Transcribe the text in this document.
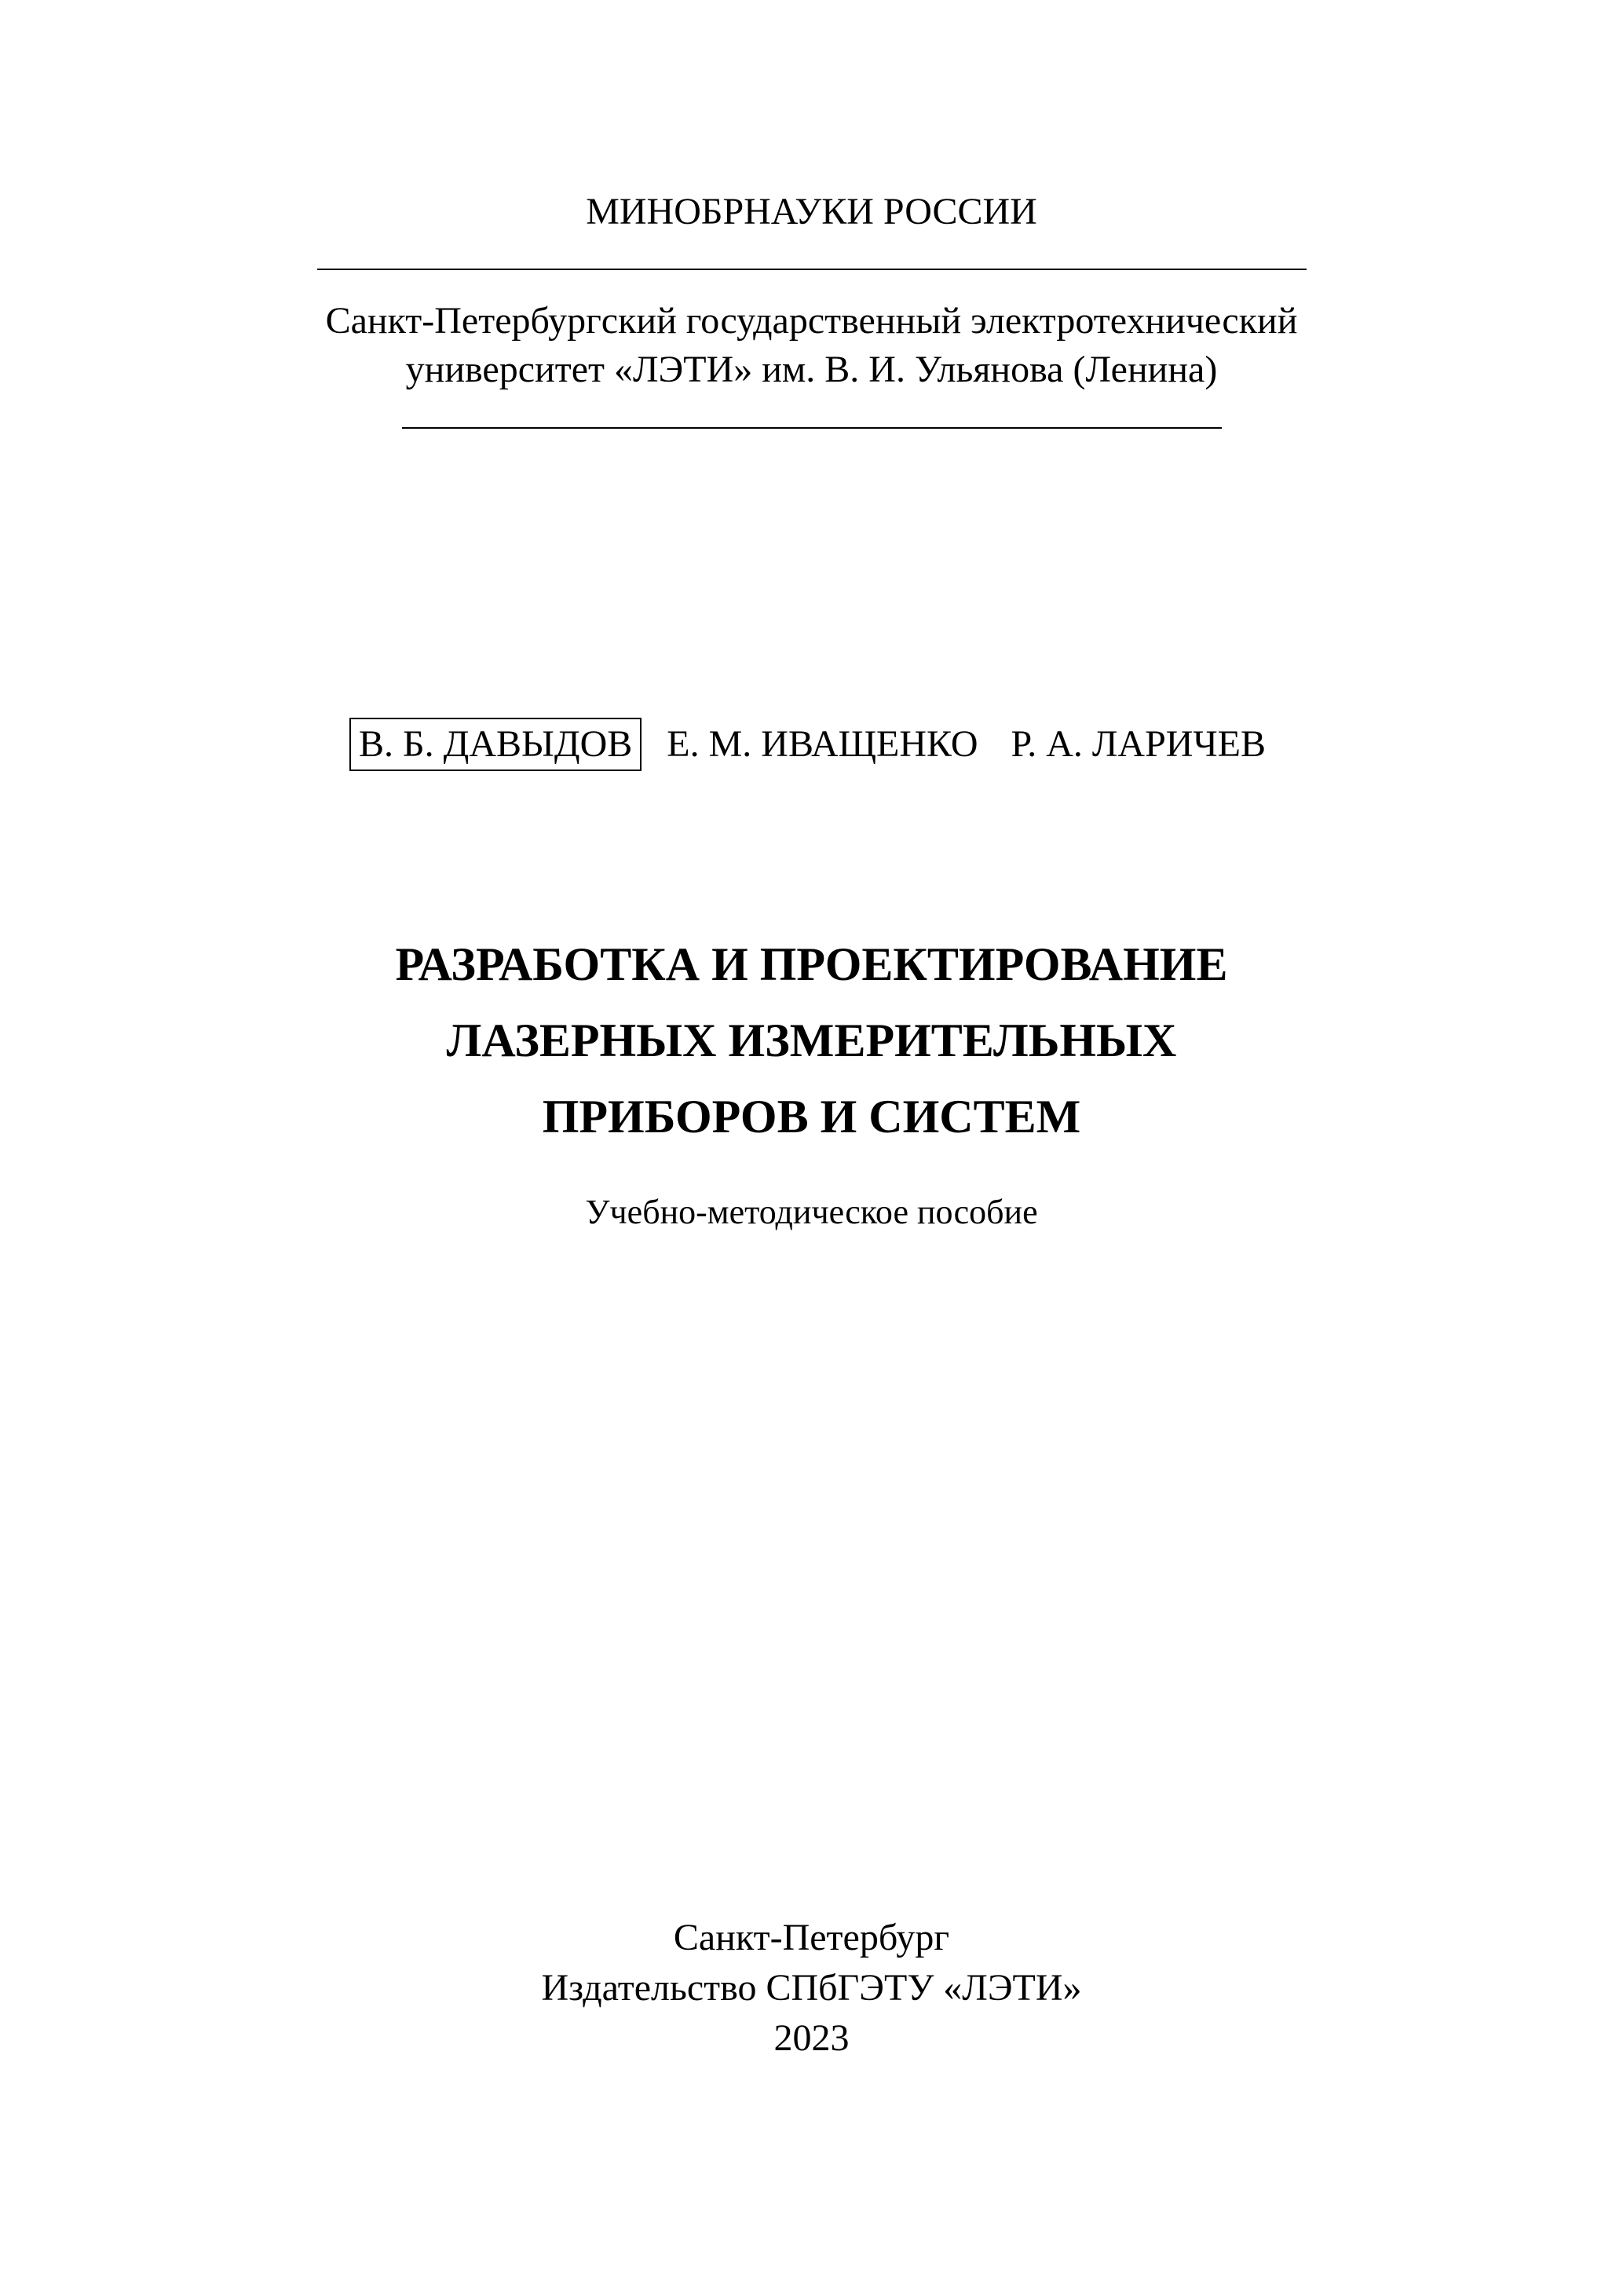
МИНОБРНАУКИ РОССИИ
Санкт-Петербургский государственный электротехнический
университет «ЛЭТИ» им. В. И. Ульянова (Ленина)
В. Б. ДАВЫДОВ Е. М. ИВАЩЕНКО Р. А. ЛАРИЧЕВ
РАЗРАБОТКА И ПРОЕКТИРОВАНИЕ
ЛАЗЕРНЫХ ИЗМЕРИТЕЛЬНЫХ
ПРИБОРОВ И СИСТЕМ
Учебно-методическое пособие
Санкт-Петербург
Издательство СПбГЭТУ «ЛЭТИ»
2023
